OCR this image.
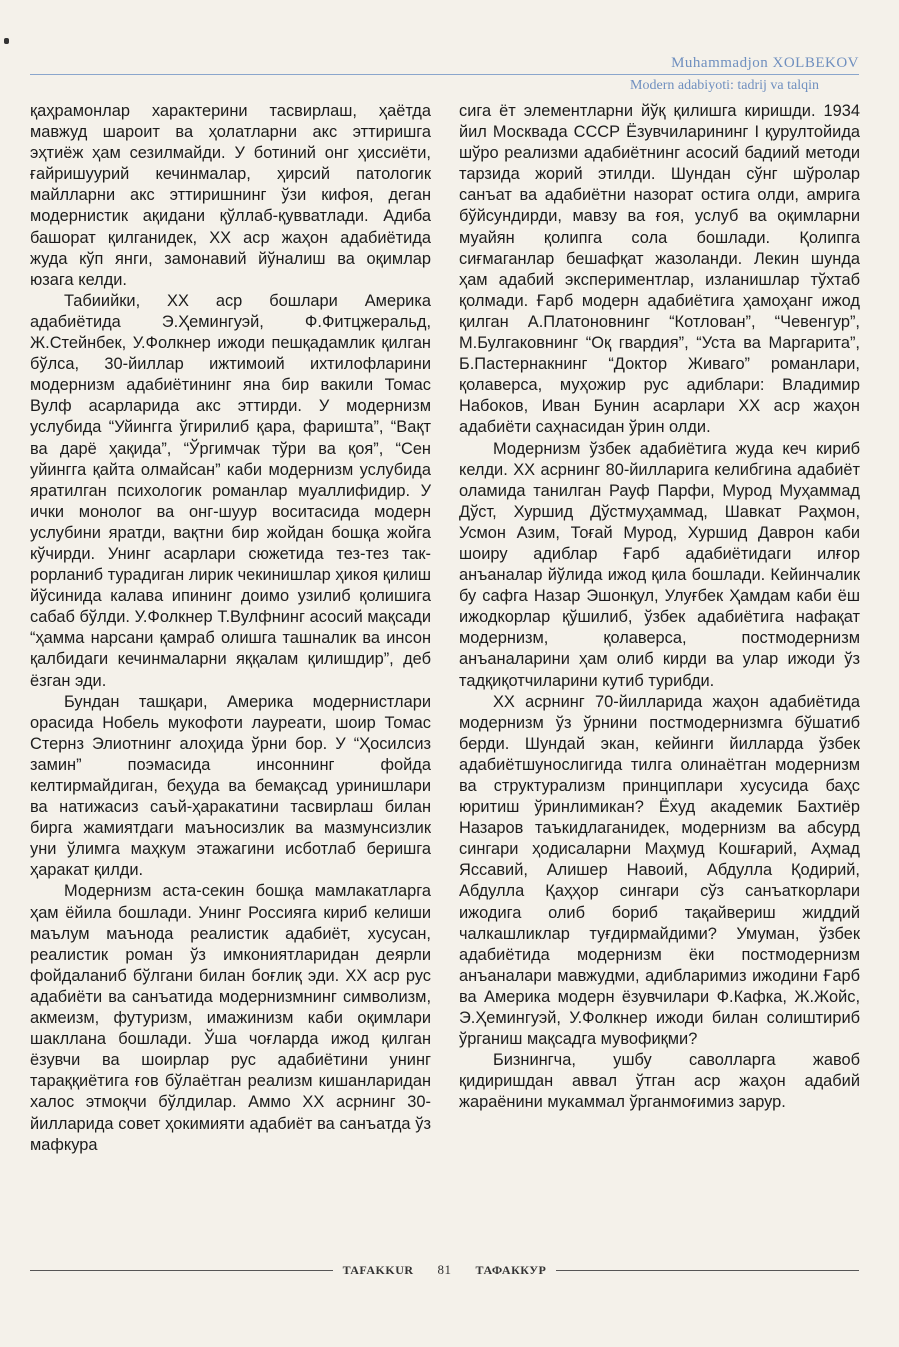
Muhammadjon XOLBEKOV
Modern adabiyoti: tadrij va talqin

қаҳрамонлар характерини тасвирлаш, ҳаётда мавжуд шароит ва ҳолатларни акс эттиришга эҳтиёж ҳам сезилмайди. У ботиний онг ҳиссиёти, ғайришуурий кечинмалар, ҳирсий патологик майлларни акс эттиришнинг ўзи кифоя, деган модернистик ақидани қўллаб-қувватлади. Адиба башорат қилганидек, XX аср жаҳон адабиётида жуда кўп янги, замонавий йўналиш ва оқимлар юзага келди.

Табиийки, XX аср бошлари Америка адабиётида Э.Ҳемингуэй, Ф.Фитцжеральд, Ж.Стейнбек, У.Фолкнер ижоди пешқадамлик қилган бўлса, 30-йиллар ижтимоий ихтилофларини модернизм адабиётининг яна бир вакили Томас Вулф асарларида акс эттирди. У модернизм услубида “Уйингга ўгирилиб қара, фаришта”, “Вақт ва дарё ҳақида”, “Ўргимчак тўри ва қоя”, “Сен уйингга қайта олмайсан” каби модернизм услубида яратилган психологик романлар муаллифидир. У ички монолог ва онг-шуур воситасида модерн услубини яратди, вақтни бир жойдан бошқа жойга кўчирди. Унинг асарлари сюжетида тез-тез такрорланиб турадиган лирик чекинишлар ҳикоя қилиш йўсинида калава ипининг доимо узилиб қолишига сабаб бўлди. У.Фолкнер Т.Вулфнинг асосий мақсади “ҳамма нарсани қамраб олишга ташналик ва инсон қалбидаги кечинмаларни яққалам қилишдир”, деб ёзган эди.

Бундан ташқари, Америка модернистлари орасида Нобель мукофоти лауреати, шоир Томас Стернз Элиотнинг алоҳида ўрни бор. У “Ҳосилсиз замин” поэмасида инсоннинг фойда келтирмайдиган, беҳуда ва бемақсад уринишлари ва натижасиз саъй-ҳаракатини тасвирлаш билан бирга жамиятдаги маъносизлик ва мазмунсизлик уни ўлимга маҳкум этажагини исботлаб беришга ҳаракат қилди.

Модернизм аста-секин бошқа мамлакатларга ҳам ёйила бошлади. Унинг Россияга кириб келиши маълум маънода реалистик адабиёт, хусусан, реалистик роман ўз имкониятларидан деярли фойдаланиб бўлгани билан боғлиқ эди. XX аср рус адабиёти ва санъатида модернизмнинг символизм, акмеизм, футуризм, имажинизм каби оқимлари шакллана бошлади. Ўша чоғларда ижод қилган ёзувчи ва шоирлар рус адабиётини унинг тараққиётига ғов бўлаётган реализм кишанларидан халос этмоқчи бўлдилар. Аммо XX асрнинг 30-йилларида совет ҳокимияти адабиёт ва санъатда ўз мафкура

сига ёт элементларни йўқ қилишга киришди. 1934 йил Москвада СССР Ёзувчиларининг I қурултойида шўро реализми адабиётнинг асосий бадиий методи тарзида жорий этилди. Шундан сўнг шўролар санъат ва адабиётни назорат остига олди, амрига бўйсундирди, мавзу ва ғоя, услуб ва оқимларни муайян қолипга сола бошлади. Қолипга сиғмаганлар бешафқат жазоланди. Лекин шунда ҳам адабий экспериментлар, изланишлар тўхтаб қолмади. Ғарб модерн адабиётига ҳамоҳанг ижод қилган А.Платоновнинг “Котлован”, “Чевенгур”, М.Булгаковнинг “Оқ гвардия”, “Уста ва Маргарита”, Б.Пастернакнинг “Доктор Живаго” романлари, қолаверса, муҳожир рус адиблари: Владимир Набоков, Иван Бунин асарлари XX аср жаҳон адабиёти саҳнасидан ўрин олди.

Модернизм ўзбек адабиётига жуда кеч кириб келди. XX асрнинг 80-йилларига келибгина адабиёт оламида танилган Рауф Парфи, Мурод Муҳаммад Дўст, Хуршид Дўстмуҳаммад, Шавкат Раҳмон, Усмон Азим, Тоғай Мурод, Хуршид Даврон каби шоиру адиблар Ғарб адабиётидаги илғор анъаналар йўлида ижод қила бошлади. Кейинчалик бу сафга Назар Эшонқул, Улуғбек Ҳамдам каби ёш ижодкорлар қўшилиб, ўзбек адабиётига нафақат модернизм, қолаверса, постмодернизм анъаналарини ҳам олиб кирди ва улар ижоди ўз тадқиқотчиларини кутиб турибди.

XX асрнинг 70-йилларида жаҳон адабиётида модернизм ўз ўрнини постмодернизмга бўшатиб берди. Шундай экан, кейинги йилларда ўзбек адабиётшунослигида тилга олинаётган модернизм ва структурализм принциплари хусусида баҳс юритиш ўринлимикан? Ёхуд академик Бахтиёр Назаров таъкидлаганидек, модернизм ва абсурд сингари ҳодисаларни Маҳмуд Кошғарий, Аҳмад Яссавий, Алишер Навоий, Абдулла Қодирий, Абдулла Қаҳҳор сингари сўз санъаткорлари ижодига олиб бориб тақайвериш жиддий чалкашликлар туғдирмайдими? Умуман, ўзбек адабиётида модернизм ёки постмодернизм анъаналари мавжудми, адибларимиз ижодини Ғарб ва Америка модерн ёзувчилари Ф.Кафка, Ж.Жойс, Э.Ҳемингуэй, У.Фолкнер ижоди билан солиштириб ўрганиш мақсадга мувофиқми?

Бизнингча, ушбу саволларга жавоб қидиришдан аввал ўтган аср жаҳон адабий жараёнини мукаммал ўрганмоғимиз зарур.

TAFAKKUR	81	ТАФАККУР
